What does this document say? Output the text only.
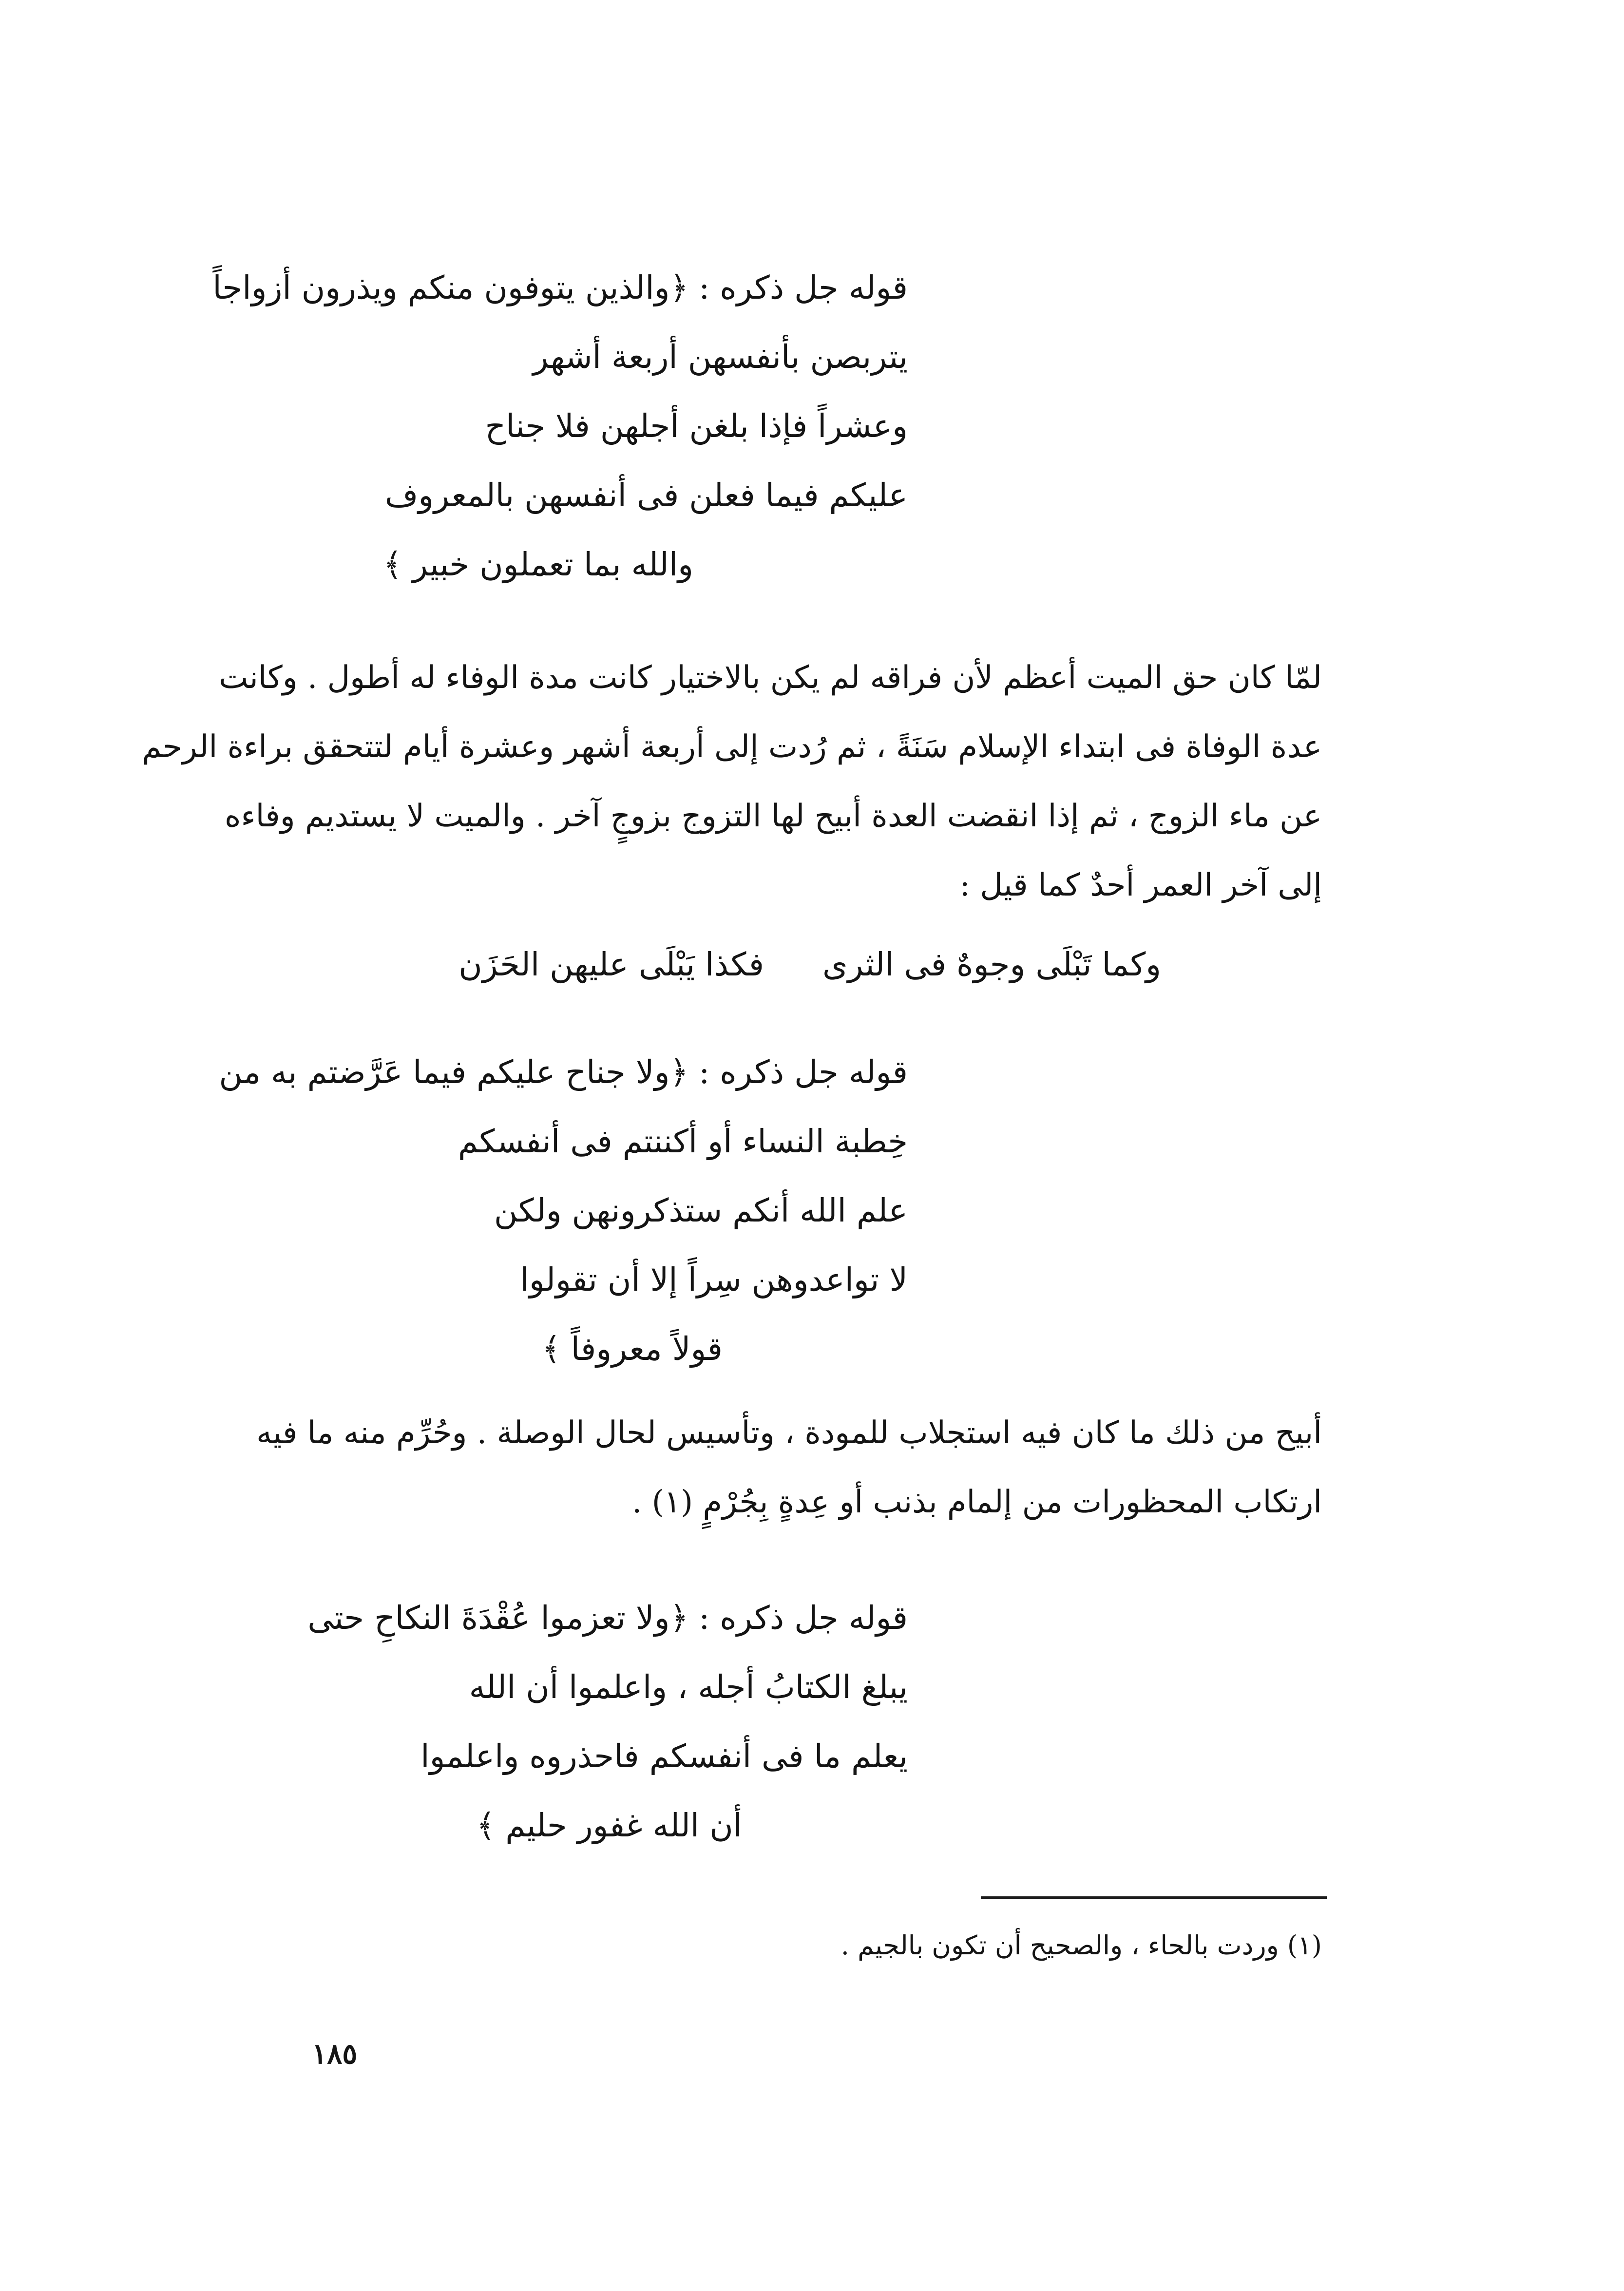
قوله جل ذكره : ﴿والذين يتوفون منكم ويذرون أزواجاً
يتربصن بأنفسهن أربعة أشهر
وعشراً فإذا بلغن أجلهن فلا جناح
عليكم فيما فعلن فى أنفسهن بالمعروف
والله بما تعملون خبير ﴾
لمّا كان حق الميت أعظم لأن فراقه لم يكن بالاختيار كانت مدة الوفاء له أطول . وكانت
عدة الوفاة فى ابتداء الإسلام سَنَةً ، ثم رُدت إلى أربعة أشهر وعشرة أيام لتتحقق براءة الرحم
عن ماء الزوج ، ثم إذا انقضت العدة أبيح لها التزوج بزوجٍ آخر . والميت لا يستديم وفاءه
إلى آخر العمر أحدٌ كما قيل :
وكما تَبْلَى وجوهٌ فى الثرىفكذا يَبْلَى عليهن الحَزَن
قوله جل ذكره : ﴿ولا جناح عليكم فيما عَرَّضتم به من
خِطبة النساء أو أكننتم فى أنفسكم
علم الله أنكم ستذكرونهن ولكن
لا تواعدوهن سِراً إلا أن تقولوا
قولاً معروفاً ﴾
أبيح من ذلك ما كان فيه استجلاب للمودة ، وتأسيس لحال الوصلة . وحُرِّم منه ما فيه
ارتكاب المحظورات من إلمام بذنب أو عِدةٍ بِجُرْمٍ (١) .
قوله جل ذكره : ﴿ولا تعزموا عُقْدَةَ النكاحِ حتى
يبلغ الكتابُ أجله ، واعلموا أن الله
يعلم ما فى أنفسكم فاحذروه واعلموا
أن الله غفور حليم ﴾
(١) وردت بالحاء ، والصحيح أن تكون بالجيم .
١٨٥
